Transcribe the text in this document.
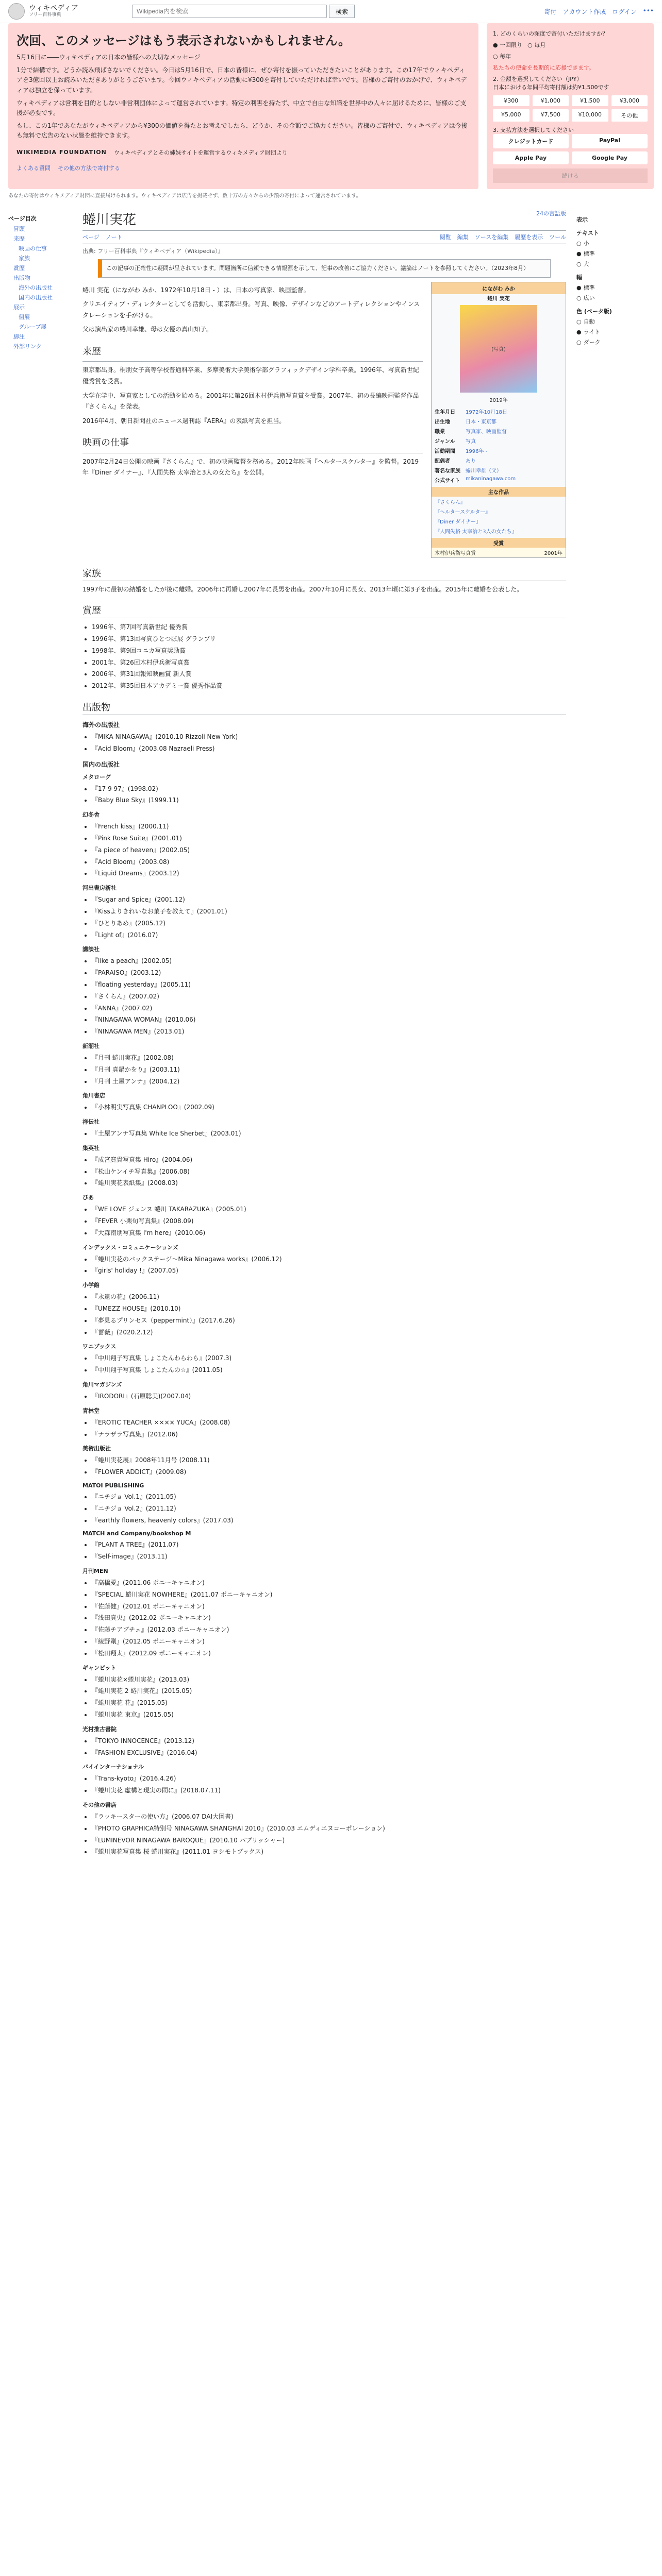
ウィキペディア
フリー百科事典
Wikipedia内を検索	検索	寄付 アカウント作成 ログイン •••
次回、このメッセージはもう表示されないかもしれません。

5月16日に――ウィキペディアの日本の皆様への大切なメッセージ

1分で結構です。どうか読み飛ばさないでください。今日は5月16日で、日本の皆様に、ぜひ寄付を振っていただきたいことがあります。この17年でウィキペディアを3億回以上お読みいただきありがとうございます。今回ウィキペディアの活動に¥300を寄付していただければ幸いです。皆様のご寄付のおかげで、ウィキペディアは独立を保っています。

ウィキペディアは営利を目的としない非営利団体によって運営されています。特定の利害を持たず、中立で自由な知識を世界中の人々に届けるために、皆様のご支援が必要です。

もし、この1年であなたがウィキペディアから¥300の価値を得たとお考えでしたら、どうか、その金額でご協力ください。皆様のご寄付で、ウィキペディアは今後も無料で広告のない状態を維持できます。

WIKIMEDIA FOUNDATION ウィキペディアとその姉妹サイトを運営するウィキメディア財団より
よくある質問 その他の方法で寄付する
1. どのくらいの頻度で寄付いただけますか？
● 一回限り ○ 毎月
○ 毎年
私たちの使命を長期的に応援できます。
2. 金額を選択してください（JPY）
日本における年間平均寄付額は約¥1,500です
¥300	¥1,000	¥1,500	¥3,000
¥5,000	¥7,500	¥10,000	その他
3. 支払方法を選択してください
クレジットカード	PayPal
Apple Pay	Google Pay
続ける
あなたの寄付はウィキメディア財団に直接届けられます。ウィキペディアは広告を掲載せず、数十万の方々からの少額の寄付によって運営されています。
ページ目次
冒頭
来歴
映画の仕事
家族
賞歴
出版物
海外の出版社
国内の出版社
展示
個展
グループ展
脚注
外部リンク
蜷川実花	24の言語版
ページ ノート	閲覧 編集 ソースを編集 履歴を表示 ツール
出典: フリー百科事典『ウィキペディア（Wikipedia）』
この記事の正確性に疑問が呈されています。問題箇所に信頼できる情報源を示して、記事の改善にご協力ください。議論はノートを参照してください。（2023年8月）

蜷川 実花（にながわ みか、1972年10月18日 - ）は、日本の写真家、映画監督。

クリエイティブ・ディレクターとしても活動し、東京都出身。写真、映像、デザインなどのアートディレクションやインスタレーションを手がける。

父は演出家の蜷川幸雄、母は女優の真山知子。

来歴

東京都出身。桐朋女子高等学校普通科卒業、多摩美術大学美術学部グラフィックデザイン学科卒業。1996年、写真新世紀優秀賞を受賞。

大学在学中、写真家としての活動を始める。2001年に第26回木村伊兵衛写真賞を受賞。2007年、初の長編映画監督作品『さくらん』を発表。

2016年4月、朝日新聞社のニュース週刊誌『AERA』の表紙写真を担当。

映画の仕事

2007年2月24日公開の映画『さくらん』で、初の映画監督を務める。2012年映画『ヘルタースケルター』を監督。2019年『Diner ダイナー』、『人間失格 太宰治と3人の女たち』を公開。

にながわ みか
蜷川 実花
(写真)
2019年
生年月日	1972年10月18日
出生地	日本・東京都
職業	写真家、映画監督
ジャンル	写真
活動期間	1996年 -
配偶者	あり
著名な家族	蜷川幸雄（父）
公式サイト	mikaninagawa.com
主な作品
『さくらん』
『ヘルタースケルター』
『Diner ダイナー』
『人間失格 太宰治と3人の女たち』
受賞
木村伊兵衛写真賞	2001年
家族

1997年に最初の結婚をしたが後に離婚。2006年に再婚し2007年に長男を出産。2007年10月に長女、2013年頃に第3子を出産。2015年に離婚を公表した。

賞歴
• 1996年、第7回写真新世紀 優秀賞
• 1996年、第13回写真ひとつぼ展 グランプリ
• 1998年、第9回コニカ写真奨励賞
• 2001年、第26回木村伊兵衛写真賞
• 2006年、第31回報知映画賞 新人賞
• 2012年、第35回日本アカデミー賞 優秀作品賞
出版物
海外の出版社
• 『MIKA NINAGAWA』(2010.10 Rizzoli New York)
• 『Acid Bloom』(2003.08 Nazraeli Press)
国内の出版社
メタローグ
• 『17 9 97』(1998.02)
• 『Baby Blue Sky』(1999.11)
幻冬舎
• 『French kiss』(2000.11)
• 『Pink Rose Suite』(2001.01)
• 『a piece of heaven』(2002.05)
• 『Acid Bloom』(2003.08)
• 『Liquid Dreams』(2003.12)
河出書房新社
• 『Sugar and Spice』(2001.12)
• 『Kissよりきれいなお菓子を教えて』(2001.01)
• 『ひとりあめ』(2005.12)
• 『Light of』(2016.07)
講談社
• 『like a peach』(2002.05)
• 『PARAISO』(2003.12)
• 『floating yesterday』(2005.11)
• 『さくらん』(2007.02)
• 『ANNA』(2007.02)
• 『NINAGAWA WOMAN』(2010.06)
• 『NINAGAWA MEN』(2013.01)
新潮社
• 『月刊 蜷川実花』(2002.08)
• 『月刊 真鍋かをり』(2003.11)
• 『月刊 土屋アンナ』(2004.12)
角川書店
• 『小林明実写真集 CHANPLOO』(2002.09)
祥伝社
• 『土屋アンナ写真集 White Ice Sherbet』(2003.01)
集英社
• 『成宮寛貴写真集 Hiro』(2004.06)
• 『松山ケンイチ写真集』(2006.08)
• 『蜷川実花表紙集』(2008.03)
ぴあ
• 『WE LOVE ジェンヌ 蜷川 TAKARAZUKA』(2005.01)
• 『FEVER 小栗旬写真集』(2008.09)
• 『大森南朋写真集 I'm here』(2010.06)
インデックス・コミュニケーションズ
• 『蜷川実花のバックステージ〜Mika Ninagawa works』(2006.12)
• 『girls' holiday !』(2007.05)
小学館
• 『永遠の花』(2006.11)
• 『UMEZZ HOUSE』(2010.10)
• 『夢見るプリンセス（peppermint）』(2017.6.26)
• 『薔薇』(2020.2.12)
ワニブックス
• 『中川翔子写真集 しょこたんわらわら』(2007.3)
• 『中川翔子写真集 しょこたんの☆』(2011.05)
角川マガジンズ
• 『IRODORI』(石原聡美)(2007.04)
青林堂
• 『EROTIC TEACHER ×××× YUCA』(2008.08)
• 『ナラザラ写真集』(2012.06)
美術出版社
• 『蜷川実花展』2008年11月号 (2008.11)
• 『FLOWER ADDICT』(2009.08)
MATOI PUBLISHING
• 『ニチジョ Vol.1』(2011.05)
• 『ニチジョ Vol.2』(2011.12)
• 『earthly flowers, heavenly colors』(2017.03)
MATCH and Company/bookshop M
• 『PLANT A TREE』(2011.07)
• 『Self-image』(2013.11)
月刊MEN
• 『高橋愛』(2011.06 ポニーキャニオン)
• 『SPECIAL 蜷川実花 NOWHERE』(2011.07 ポニーキャニオン)
• 『佐藤健』(2012.01 ポニーキャニオン)
• 『浅田真央』(2012.02 ポニーキャニオン)
• 『佐藤チアブチェ』(2012.03 ポニーキャニオン)
• 『綾野剛』(2012.05 ポニーキャニオン)
• 『松田翔太』(2012.09 ポニーキャニオン)
ギャンビット
• 『蜷川実花×蜷川実花』(2013.03)
• 『蜷川実花 2 蜷川実花』(2015.05)
• 『蜷川実花 花』(2015.05)
• 『蜷川実花 東京』(2015.05)
光村推古書院
• 『TOKYO INNOCENCE』(2013.12)
• 『FASHION EXCLUSIVE』(2016.04)
パイインターナショナル
• 『Trans-kyoto』(2016.4.26)
• 『蜷川実花 虚構と現実の間に』(2018.07.11)
その他の書店
• 『ラッキースターの使い方』(2006.07 DAI大図書)
• 『PHOTO GRAPHICA特別号 NINAGAWA SHANGHAI 2010』(2010.03 エムディエヌコーポレーション)
• 『LUMINEVOR NINAGAWA BAROQUE』(2010.10 パブリッシャー)
• 『蜷川実花写真集 桜 蜷川実花』(2011.01 ヨシモトブックス)
表示
テキスト
○ 小
● 標準
○ 大
幅
● 標準
○ 広い
色 (ベータ版)
○ 自動
● ライト
○ ダーク
